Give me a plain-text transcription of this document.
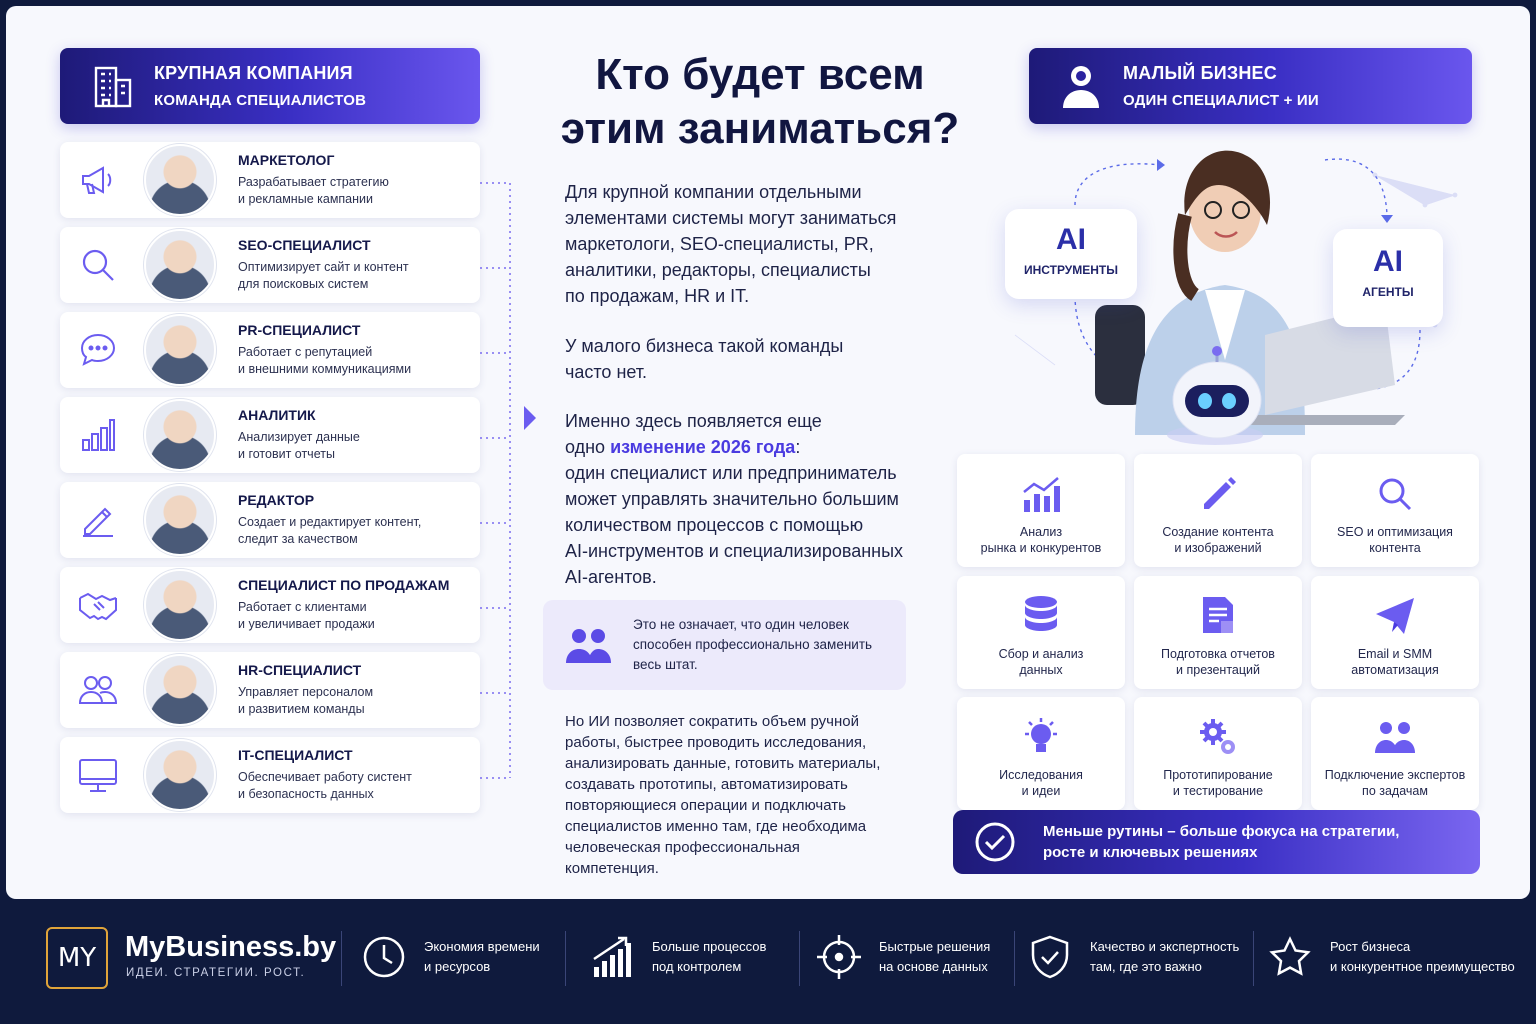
КРУПНАЯ КОМПАНИЯ
КОМАНДА СПЕЦИАЛИСТОВ
МАРКЕТОЛОГ
Разрабатывает стратегию
и рекламные кампании
SEO-СПЕЦИАЛИСТ
Оптимизирует сайт и контент
для поисковых систем
PR-СПЕЦИАЛИСТ
Работает с репутацией
и внешними коммуникациями
АНАЛИТИК
Анализирует данные
и готовит отчеты
РЕДАКТОР
Создает и редактирует контент,
следит за качеством
СПЕЦИАЛИСТ ПО ПРОДАЖАМ
Работает с клиентами
и увеличивает продажи
HR-СПЕЦИАЛИСТ
Управляет персоналом
и развитием команды
IT-СПЕЦИАЛИСТ
Обеспечивает работу систент
и безопасность данных
Кто будет всем
этим заниматься?
Для крупной компании отдельными
элементами системы могут заниматься
маркетологи, SEO-специалисты, PR,
аналитики, редакторы, специалисты
по продажам, HR и IT.
У малого бизнеса такой команды
часто нет.
Именно здесь появляется еще
одно изменение 2026 года:
один специалист или предприниматель
может управлять значительно большим
количеством процессов с помощью
AI-инструментов и специализированных
AI-агентов.
Это не означает, что один человек
способен профессионально заменить
весь штат.
Но ИИ позволяет сократить объем ручной
работы, быстрее проводить исследования,
анализировать данные, готовить материалы,
создавать прототипы, автоматизировать
повторяющиеся операции и подключать
специалистов именно там, где необходима
человеческая профессиональная
компетенция.
МАЛЫЙ БИЗНЕС
ОДИН СПЕЦИАЛИСТ + ИИ
AI
ИНСТРУМЕНТЫ	AI
АГЕНТЫ
Анализ
рынка и конкурентов
Создание контента
и изображений
SEO и оптимизация
контента
Сбор и анализ
данных
Подготовка отчетов
и презентаций
Email и SMM
автоматизация
Исследования
и идеи
Прототипирование
и тестирование
Подключение экспертов
по задачам
Меньше рутины – больше фокуса на стратегии,
росте и ключевых решениях
MY MyBusiness.by
ИДЕИ. СТРАТЕГИИ. РОСТ.
Экономия времени
и ресурсов
Больше процессов
под контролем
Быстрые решения
на основе данных
Качество и экспертность
там, где это важно
Рост бизнеса
и конкурентное преимущество
